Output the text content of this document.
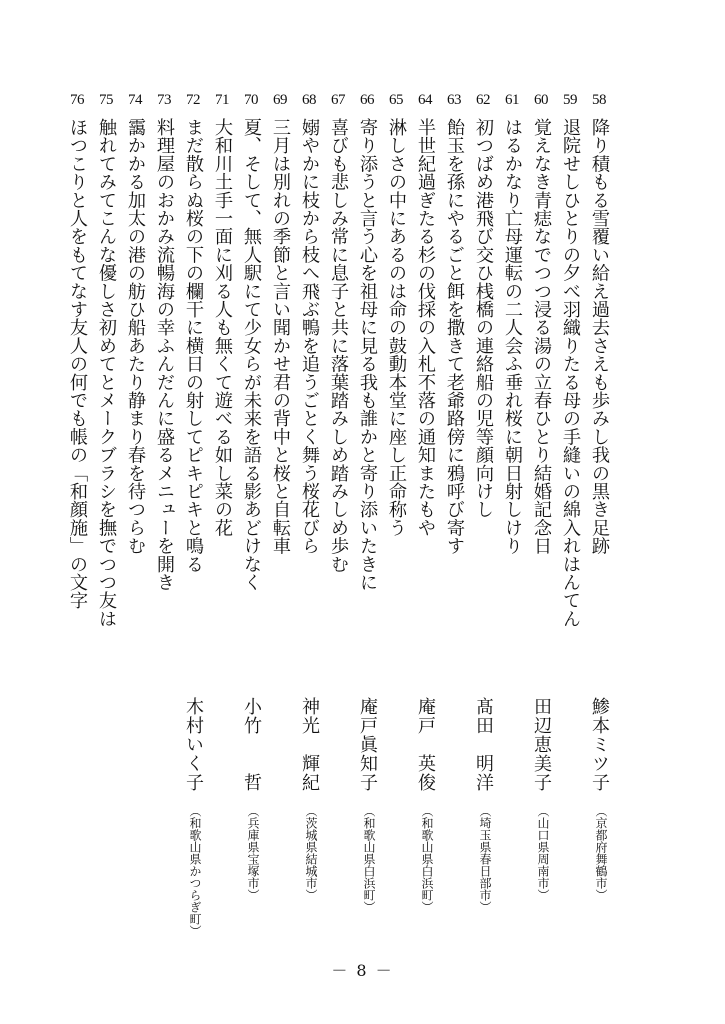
58
降り積もる雪覆い給え過去さえも歩みし我の黒き足跡
鯵本ミツ子
（京都府舞鶴市）
59
退院せしひとりの夕べ羽織りたる母の手縫いの綿入れはんてん
60
覚えなき青痣なでつつ浸る湯の立春ひとり結婚記念日
田辺恵美子
（山口県周南市）
61
はるかなり亡母運転の二人会ふ垂れ桜に朝日射しけり
62
初つばめ港飛び交ひ桟橋の連絡船の児等顔向けし
髙田　明洋
（埼玉県春日部市）
63
飴玉を孫にやるごと餌を撒きて老爺路傍に鴉呼び寄す
64
半世紀過ぎたる杉の伐採の入札不落の通知またもや
庵戸　英俊
（和歌山県白浜町）
65
淋しさの中にあるのは命の鼓動本堂に座し正命称う
66
寄り添うと言う心を祖母に見る我も誰かと寄り添いたきに
庵戸眞知子
（和歌山県白浜町）
67
喜びも悲しみ常に息子と共に落葉踏みしめ踏みしめ歩む
68
嫋やかに枝から枝へ飛ぶ鴨を追うごとく舞う桜花びら
神光　輝紀
（茨城県結城市）
69
三月は別れの季節と言い聞かせ君の背中と桜と自転車
70
夏、そして、無人駅にて少女らが未来を語る影あどけなく
小竹　　哲
（兵庫県宝塚市）
71
大和川土手一面に刈る人も無くて遊べる如し菜の花
72
まだ散らぬ桜の下の欄干に横日の射してピキピキと鳴る
木村いく子
（和歌山県かつらぎ町）
73
料理屋のおかみ流暢海の幸ふんだんに盛るメニューを開き
74
靄かかる加太の港の舫ひ船あたり静まり春を待つらむ
75
触れてみてこんな優しさ初めてとメークブラシを撫でつつ友は
76
ほつこりと人をもてなす友人の何でも帳の「和顔施」の文字
－ 8 －
